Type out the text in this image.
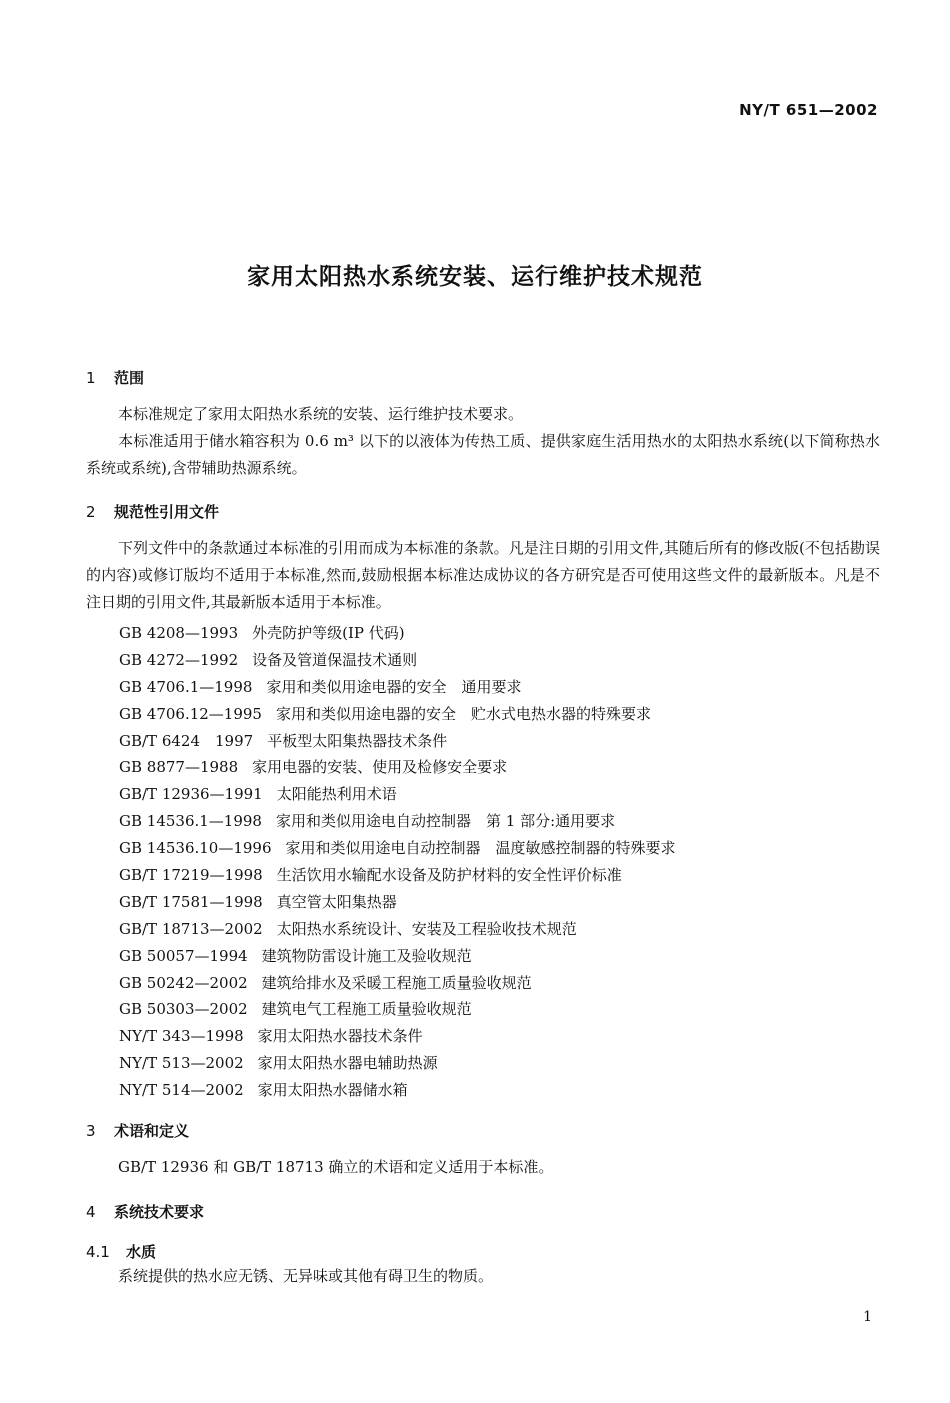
NY/T 651—2002
家用太阳热水系统安装、运行维护技术规范
1 范围
本标准规定了家用太阳热水系统的安装、运行维护技术要求。
本标准适用于储水箱容积为 0.6 m³ 以下的以液体为传热工质、提供家庭生活用热水的太阳热水系统(以下简称热水系统或系统),含带辅助热源系统。
2 规范性引用文件
下列文件中的条款通过本标准的引用而成为本标准的条款。凡是注日期的引用文件,其随后所有的修改版(不包括勘误的内容)或修订版均不适用于本标准,然而,鼓励根据本标准达成协议的各方研究是否可使用这些文件的最新版本。凡是不注日期的引用文件,其最新版本适用于本标准。
GB 4208—1993 外壳防护等级(IP 代码)
GB 4272—1992 设备及管道保温技术通则
GB 4706.1—1998 家用和类似用途电器的安全　通用要求
GB 4706.12—1995 家用和类似用途电器的安全　贮水式电热水器的特殊要求
GB/T 6424　1997 平板型太阳集热器技术条件
GB 8877—1988 家用电器的安装、使用及检修安全要求
GB/T 12936—1991 太阳能热利用术语
GB 14536.1—1998 家用和类似用途电自动控制器　第 1 部分:通用要求
GB 14536.10—1996 家用和类似用途电自动控制器　温度敏感控制器的特殊要求
GB/T 17219—1998 生活饮用水输配水设备及防护材料的安全性评价标准
GB/T 17581—1998 真空管太阳集热器
GB/T 18713—2002 太阳热水系统设计、安装及工程验收技术规范
GB 50057—1994 建筑物防雷设计施工及验收规范
GB 50242—2002 建筑给排水及采暖工程施工质量验收规范
GB 50303—2002 建筑电气工程施工质量验收规范
NY/T 343—1998 家用太阳热水器技术条件
NY/T 513—2002 家用太阳热水器电辅助热源
NY/T 514—2002 家用太阳热水器储水箱
3 术语和定义
GB/T 12936 和 GB/T 18713 确立的术语和定义适用于本标准。
4 系统技术要求
4.1 水质
系统提供的热水应无锈、无异味或其他有碍卫生的物质。
1
